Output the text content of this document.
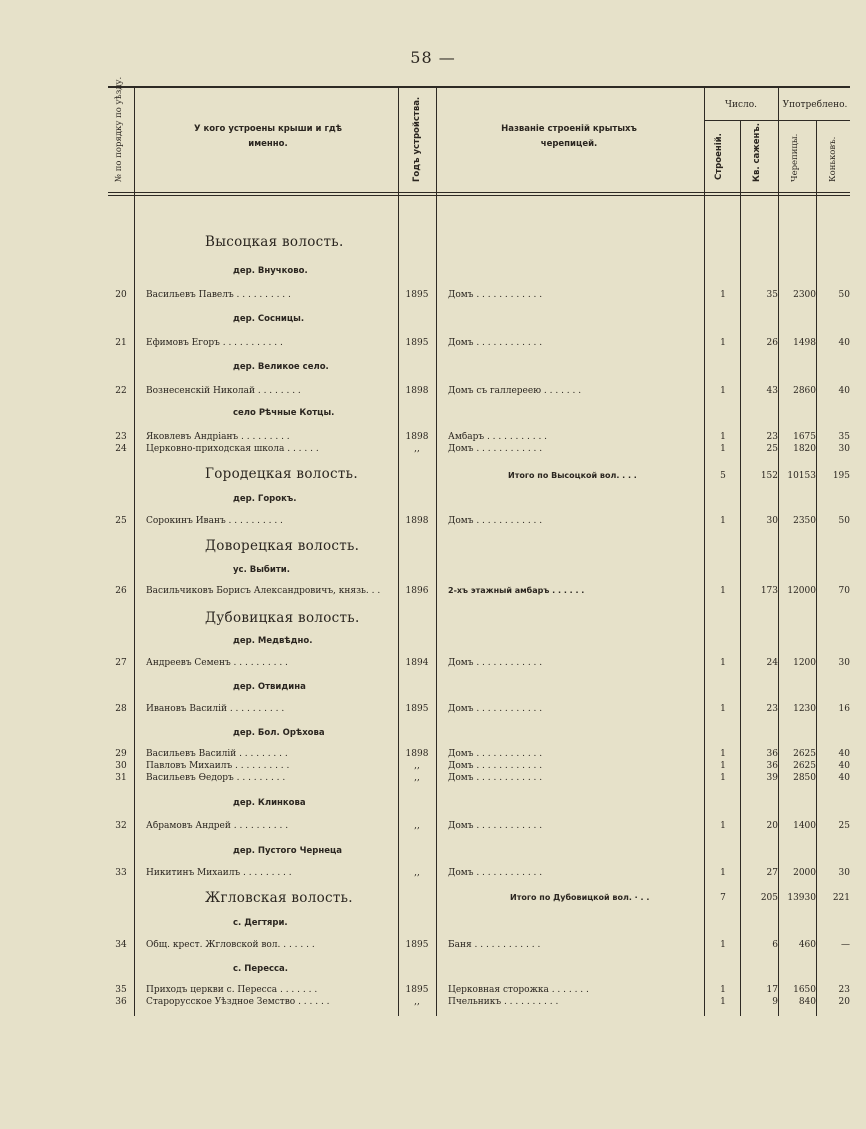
58 —
№ по порядку по уѣзду.	У кого устроены крыши и гдѣ
именно.	Годъ устройства.	Названіе строеній крытыхъ
черепицей.
Число.
Строеній.	Кв. саженъ.
Употреблено.
Черепицы.	Коньковъ.
Высоцкая волость.
дер. Внучково.
20	Васильевъ Павелъ . . . . . . . . . .	1895	Домъ . . . . . . . . . . . .	1	35	2300	50
дер. Сосницы.
21	Ефимовъ Егоръ . . . . . . . . . . .	1895	Домъ . . . . . . . . . . . .	1	26	1498	40
дер. Великое село.
22	Вознесенскій Николай . . . . . . . .	1898	Домъ съ галлереею . . . . . . .	1	43	2860	40
село Рѣчные Котцы.
23	Яковлевъ Андріанъ . . . . . . . . .	1898	Амбаръ . . . . . . . . . . .	1	23	1675	35
24	Церковно-приходская школа . . . . . .	,,	Домъ . . . . . . . . . . . .	1	25	1820	30
Городецкая волость.	Итого по Высоцкой вол. . . .	5	152	10153	195
дер. Горокъ.
25	Сорокинъ Иванъ . . . . . . . . . .	1898	Домъ . . . . . . . . . . . .	1	30	2350	50
Доворецкая волость.
ус. Выбити.
26	Васильчиковъ Борисъ Александровичъ, князь. . .	1896	2-хъ этажный амбаръ . . . . . .	1	173	12000	70
Дубовицкая волость.
дер. Медвѣдно.
27	Андреевъ Семенъ . . . . . . . . . .	1894	Домъ . . . . . . . . . . . .	1	24	1200	30
дер. Отвидина
28	Ивановъ Василій . . . . . . . . . .	1895	Домъ . . . . . . . . . . . .	1	23	1230	16
дер. Бол. Орѣхова
29	Васильевъ Василій . . . . . . . . .	1898	Домъ . . . . . . . . . . . .	1	36	2625	40
30	Павловъ Михаилъ . . . . . . . . . .	,,	Домъ . . . . . . . . . . . .	1	36	2625	40
31	Васильевъ Ѳедоръ . . . . . . . . .	,,	Домъ . . . . . . . . . . . .	1	39	2850	40
дер. Клинкова
32	Абрамовъ Андрей . . . . . . . . . .	,,	Домъ . . . . . . . . . . . .	1	20	1400	25
дер. Пустого Чернеца
33	Никитинъ Михаилъ . . . . . . . . .	,,	Домъ . . . . . . . . . . . .	1	27	2000	30
Жгловская волость.	Итого по Дубовицкой вол. · . .	7	205	13930	221
с. Дегтяри.
34	Общ. крест. Жгловской вол. . . . . . .	1895	Баня . . . . . . . . . . . .	1	6	460	—
с. Пересса.
35	Приходъ церкви с. Пересса . . . . . . .	1895	Церковная сторожка . . . . . . .	1	17	1650	23
36	Старорусское Уѣздное Земство . . . . . .	,,	Пчельникъ . . . . . . . . . .	1	9	840	20
